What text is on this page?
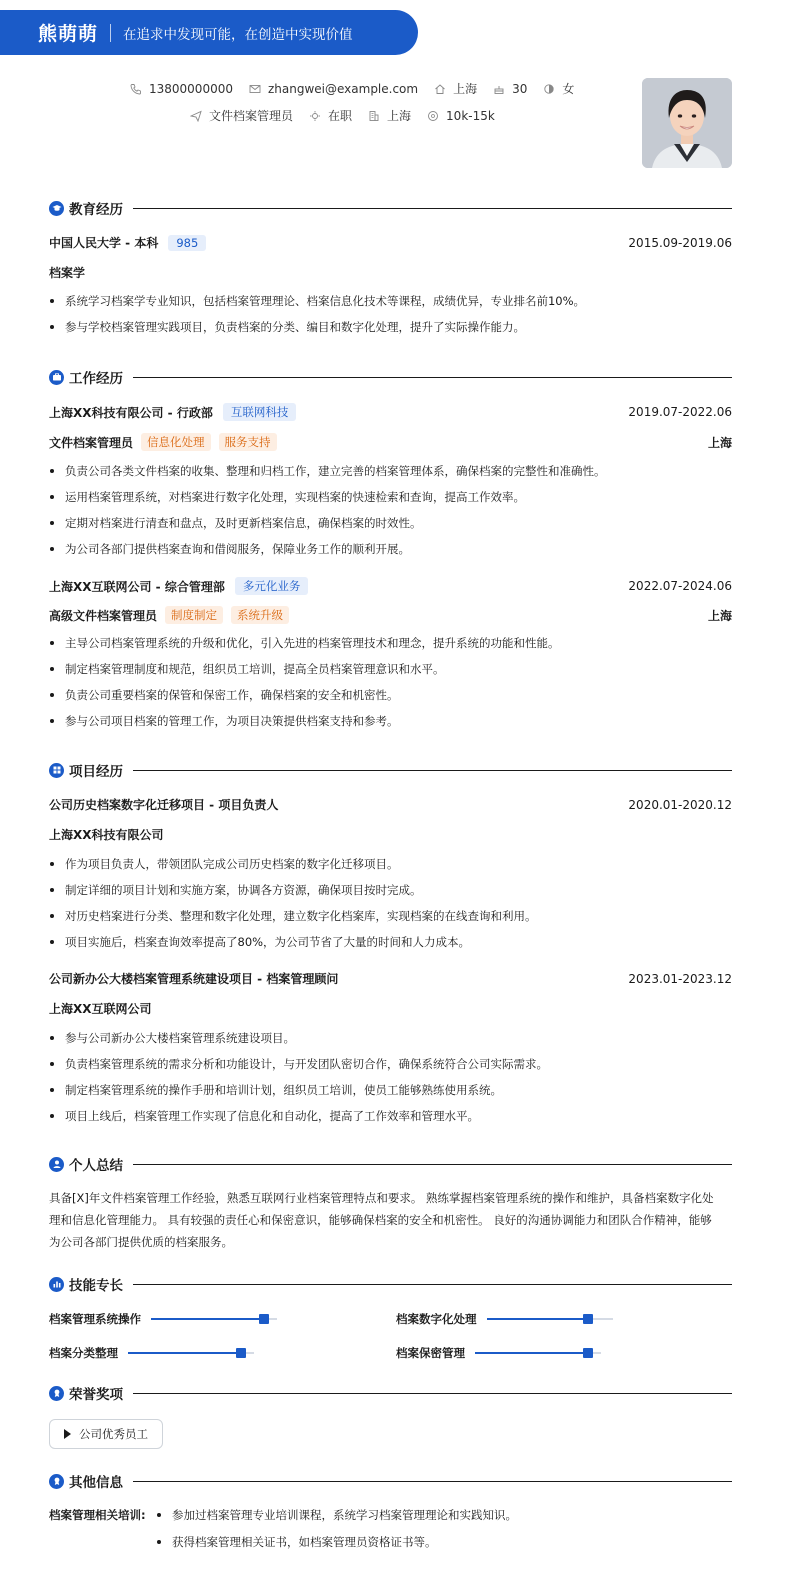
熊萌萌 在追求中发现可能，在创造中实现价值
13800000000	zhangwei@example.com	上海	30	女
文件档案管理员	在职	上海	10k-15k
教育经历
中国人民大学 - 本科	985	2015.09-2019.06
档案学
系统学习档案学专业知识，包括档案管理理论、档案信息化技术等课程，成绩优异，专业排名前10%。
参与学校档案管理实践项目，负责档案的分类、编目和数字化处理，提升了实际操作能力。
工作经历
上海XX科技有限公司 - 行政部	互联网科技	2019.07-2022.06
文件档案管理员	信息化处理	服务支持	上海
负责公司各类文件档案的收集、整理和归档工作，建立完善的档案管理体系，确保档案的完整性和准确性。
运用档案管理系统，对档案进行数字化处理，实现档案的快速检索和查询，提高工作效率。
定期对档案进行清查和盘点，及时更新档案信息，确保档案的时效性。
为公司各部门提供档案查询和借阅服务，保障业务工作的顺利开展。
上海XX互联网公司 - 综合管理部	多元化业务	2022.07-2024.06
高级文件档案管理员	制度制定	系统升级	上海
主导公司档案管理系统的升级和优化，引入先进的档案管理技术和理念，提升系统的功能和性能。
制定档案管理制度和规范，组织员工培训，提高全员档案管理意识和水平。
负责公司重要档案的保管和保密工作，确保档案的安全和机密性。
参与公司项目档案的管理工作，为项目决策提供档案支持和参考。
项目经历
公司历史档案数字化迁移项目 - 项目负责人	2020.01-2020.12
上海XX科技有限公司
作为项目负责人，带领团队完成公司历史档案的数字化迁移项目。
制定详细的项目计划和实施方案，协调各方资源，确保项目按时完成。
对历史档案进行分类、整理和数字化处理，建立数字化档案库，实现档案的在线查询和利用。
项目实施后，档案查询效率提高了80%，为公司节省了大量的时间和人力成本。
公司新办公大楼档案管理系统建设项目 - 档案管理顾问	2023.01-2023.12
上海XX互联网公司
参与公司新办公大楼档案管理系统建设项目。
负责档案管理系统的需求分析和功能设计，与开发团队密切合作，确保系统符合公司实际需求。
制定档案管理系统的操作手册和培训计划，组织员工培训，使员工能够熟练使用系统。
项目上线后，档案管理工作实现了信息化和自动化，提高了工作效率和管理水平。
个人总结
具备[X]年文件档案管理工作经验，熟悉互联网行业档案管理特点和要求。 熟练掌握档案管理系统的操作和维护，具备档案数字化处
理和信息化管理能力。 具有较强的责任心和保密意识，能够确保档案的安全和机密性。 良好的沟通协调能力和团队合作精神，能够
为公司各部门提供优质的档案服务。
技能专长
档案管理系统操作	档案数字化处理
档案分类整理	档案保密管理
荣誉奖项
公司优秀员工
其他信息
档案管理相关培训:	参加过档案管理专业培训课程，系统学习档案管理理论和实践知识。
获得档案管理相关证书，如档案管理员资格证书等。
